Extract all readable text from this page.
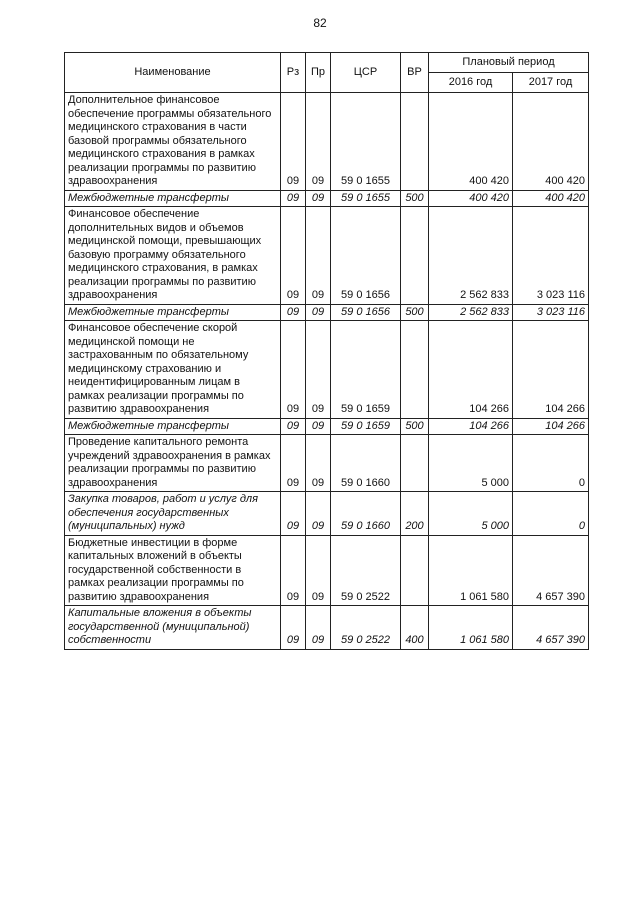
82
Наименование	Рз	Пр	ЦСР	ВР	Плановый период	
					2016 год	2017 год
Дополнительное финансовое обеспечение программы обязательного медицинского страхования в части базовой программы обязательного медицинского страхования в рамках реализации программы по развитию здравоохранения	09	09	59 0 1655		400 420	400 420
Межбюджетные трансферты	09	09	59 0 1655	500	400 420	400 420
Финансовое обеспечение дополнительных видов и объемов медицинской помощи, превышающих базовую программу обязательного медицинского страхования, в рамках реализации программы по развитию здравоохранения	09	09	59 0 1656		2 562 833	3 023 116
Межбюджетные трансферты	09	09	59 0 1656	500	2 562 833	3 023 116
Финансовое обеспечение скорой медицинской помощи не застрахованным по обязательному медицинскому страхованию и неидентифицированным лицам в рамках реализации программы по развитию здравоохранения	09	09	59 0 1659		104 266	104 266
Межбюджетные трансферты	09	09	59 0 1659	500	104 266	104 266
Проведение капитального ремонта учреждений здравоохранения в рамках реализации программы по развитию здравоохранения	09	09	59 0 1660		5 000	0
Закупка товаров, работ и услуг для обеспечения государственных (муниципальных) нужд	09	09	59 0 1660	200	5 000	0
Бюджетные инвестиции в форме капитальных вложений в объекты государственной собственности в рамках реализации программы по развитию здравоохранения	09	09	59 0 2522		1 061 580	4 657 390
Капитальные вложения в объекты государственной (муниципальной) собственности	09	09	59 0 2522	400	1 061 580	4 657 390
